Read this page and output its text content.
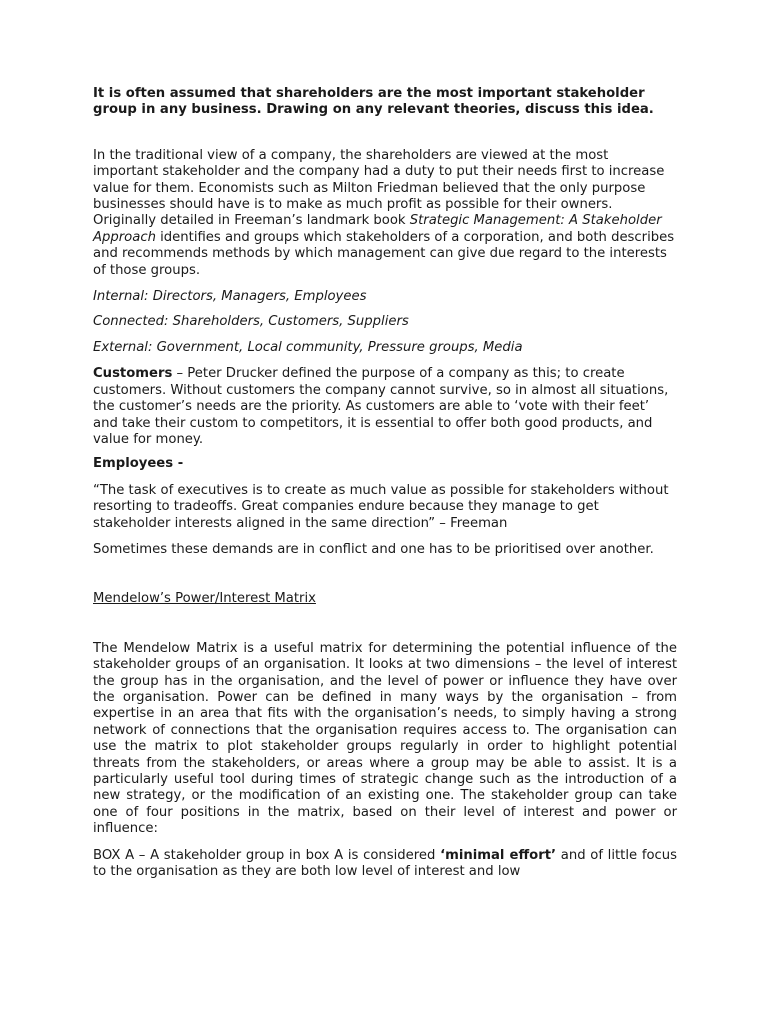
It is often assumed that shareholders are the most important stakeholder group in any business. Drawing on any relevant theories, discuss this idea.

In the traditional view of a company, the shareholders are viewed at the most important stakeholder and the company had a duty to put their needs first to increase value for them. Economists such as Milton Friedman believed that the only purpose businesses should have is to make as much profit as possible for their owners. Originally detailed in Freeman’s landmark book Strategic Management: A Stakeholder Approach identifies and groups which stakeholders of a corporation, and both describes and recommends methods by which management can give due regard to the interests of those groups.

Internal: Directors, Managers, Employees

Connected: Shareholders, Customers, Suppliers

External: Government, Local community, Pressure groups, Media

Customers – Peter Drucker defined the purpose of a company as this; to create customers. Without customers the company cannot survive, so in almost all situations, the customer’s needs are the priority. As customers are able to ‘vote with their feet’ and take their custom to competitors, it is essential to offer both good products, and value for money.

Employees -

“The task of executives is to create as much value as possible for stakeholders without resorting to tradeoffs. Great companies endure because they manage to get stakeholder interests aligned in the same direction” – Freeman

Sometimes these demands are in conflict and one has to be prioritised over another.

Mendelow’s Power/Interest Matrix

The Mendelow Matrix is a useful matrix for determining the potential influence of the stakeholder groups of an organisation. It looks at two dimensions – the level of interest the group has in the organisation, and the level of power or influence they have over the organisation. Power can be defined in many ways by the organisation – from expertise in an area that fits with the organisation’s needs, to simply having a strong network of connections that the organisation requires access to. The organisation can use the matrix to plot stakeholder groups regularly in order to highlight potential threats from the stakeholders, or areas where a group may be able to assist. It is a particularly useful tool during times of strategic change such as the introduction of a new strategy, or the modification of an existing one. The stakeholder group can take one of four positions in the matrix, based on their level of interest and power or influence:

BOX A – A stakeholder group in box A is considered ‘minimal effort’ and of little focus to the organisation as they are both low level of interest and low
